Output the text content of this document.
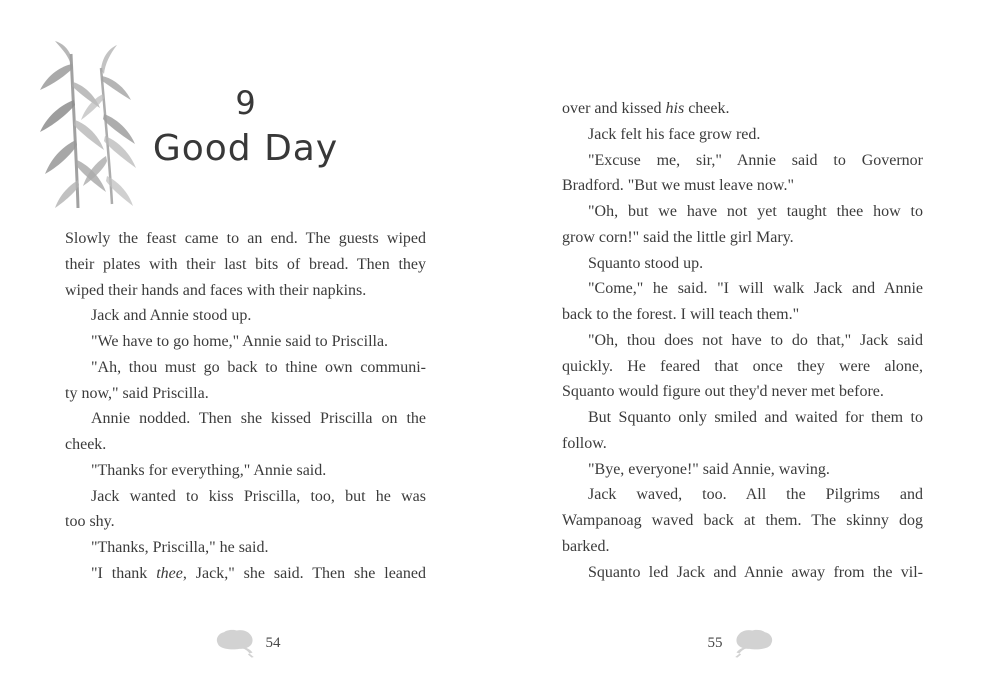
9
Good Day
Slowly the feast came to an end. The guests wiped
their plates with their last bits of bread. Then they
wiped their hands and faces with their napkins.
Jack and Annie stood up.
"We have to go home," Annie said to Priscilla.
"Ah, thou must go back to thine own communi-
ty now," said Priscilla.
Annie nodded. Then she kissed Priscilla on the
cheek.
"Thanks for everything," Annie said.
Jack wanted to kiss Priscilla, too, but he was
too shy.
"Thanks, Priscilla," he said.
"I thank thee, Jack," she said. Then she leaned
54
over and kissed his cheek.
Jack felt his face grow red.
"Excuse me, sir," Annie said to Governor
Bradford. "But we must leave now."
"Oh, but we have not yet taught thee how to
grow corn!" said the little girl Mary.
Squanto stood up.
"Come," he said. "I will walk Jack and Annie
back to the forest. I will teach them."
"Oh, thou does not have to do that," Jack said
quickly. He feared that once they were alone,
Squanto would figure out they'd never met before.
But Squanto only smiled and waited for them to
follow.
"Bye, everyone!" said Annie, waving.
Jack waved, too. All the Pilgrims and
Wampanoag waved back at them. The skinny dog
barked.
Squanto led Jack and Annie away from the vil-
55
